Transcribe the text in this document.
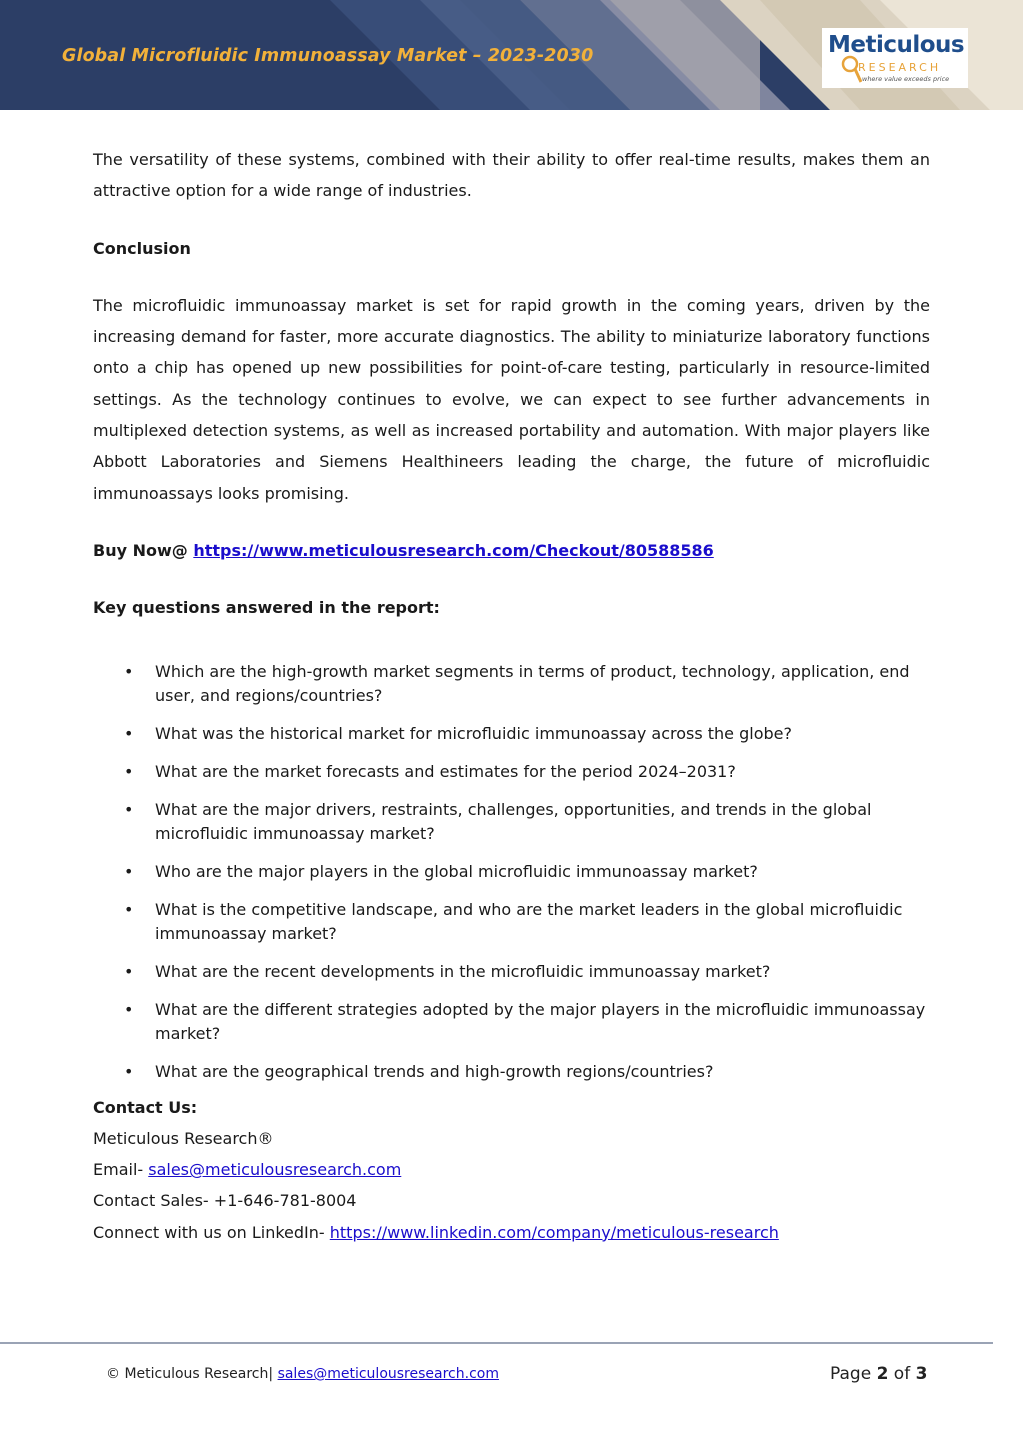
Global Microfluidic Immunoassay Market – 2023-2030	Meticulous
RESEARCH
where value exceeds price

The versatility of these systems, combined with their ability to offer real-time results, makes them an attractive option for a wide range of industries.

Conclusion

The microfluidic immunoassay market is set for rapid growth in the coming years, driven by the increasing demand for faster, more accurate diagnostics. The ability to miniaturize laboratory functions onto a chip has opened up new possibilities for point-of-care testing, particularly in resource-limited settings. As the technology continues to evolve, we can expect to see further advancements in multiplexed detection systems, as well as increased portability and automation. With major players like Abbott Laboratories and Siemens Healthineers leading the charge, the future of microfluidic immunoassays looks promising.

Buy Now@ https://www.meticulousresearch.com/Checkout/80588586

Key questions answered in the report:

• Which are the high-growth market segments in terms of product, technology, application, end user, and regions/countries?
• What was the historical market for microfluidic immunoassay across the globe?
• What are the market forecasts and estimates for the period 2024–2031?
• What are the major drivers, restraints, challenges, opportunities, and trends in the global microfluidic immunoassay market?
• Who are the major players in the global microfluidic immunoassay market?
• What is the competitive landscape, and who are the market leaders in the global microfluidic immunoassay market?
• What are the recent developments in the microfluidic immunoassay market?
• What are the different strategies adopted by the major players in the microfluidic immunoassay market?
• What are the geographical trends and high-growth regions/countries?

Contact Us:

Meticulous Research®

Email- sales@meticulousresearch.com

Contact Sales- +1-646-781-8004

Connect with us on LinkedIn- https://www.linkedin.com/company/meticulous-research

© Meticulous Research| sales@meticulousresearch.com	Page 2 of 3
